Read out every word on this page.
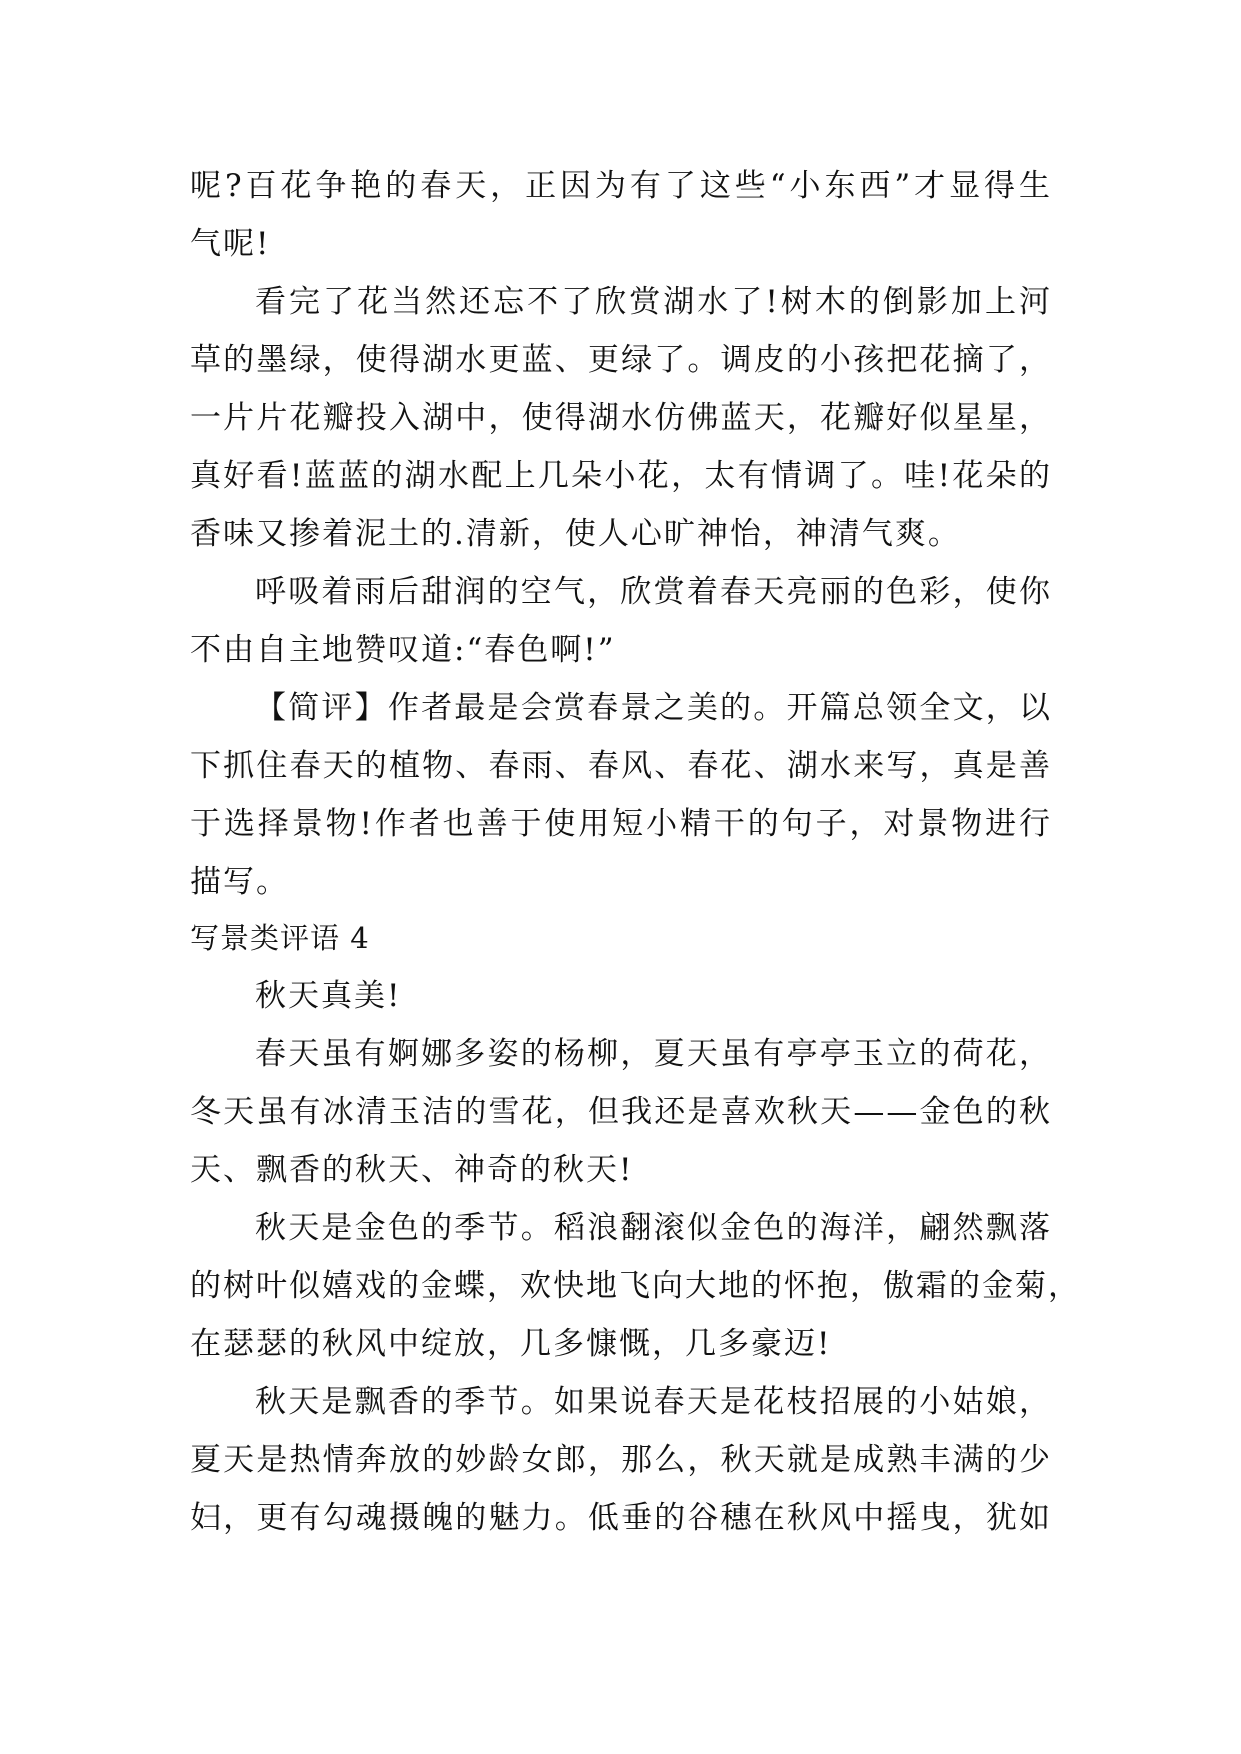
呢?百花争艳的春天，正因为有了这些“小东西”才显得生
气呢!
看完了花当然还忘不了欣赏湖水了!树木的倒影加上河
草的墨绿，使得湖水更蓝、更绿了。调皮的小孩把花摘了，
一片片花瓣投入湖中，使得湖水仿佛蓝天，花瓣好似星星，
真好看!蓝蓝的湖水配上几朵小花，太有情调了。哇!花朵的
香味又掺着泥土的.清新，使人心旷神怡，神清气爽。
呼吸着雨后甜润的空气，欣赏着春天亮丽的色彩，使你
不由自主地赞叹道:“春色啊!”
【简评】作者最是会赏春景之美的。开篇总领全文，以
下抓住春天的植物、春雨、春风、春花、湖水来写，真是善
于选择景物!作者也善于使用短小精干的句子，对景物进行
描写。
写景类评语 4
秋天真美!
春天虽有婀娜多姿的杨柳，夏天虽有亭亭玉立的荷花，
冬天虽有冰清玉洁的雪花，但我还是喜欢秋天——金色的秋
天、飘香的秋天、神奇的秋天!
秋天是金色的季节。稻浪翻滚似金色的海洋，翩然飘落
的树叶似嬉戏的金蝶，欢快地飞向大地的怀抱，傲霜的金菊，
在瑟瑟的秋风中绽放，几多慷慨，几多豪迈!
秋天是飘香的季节。如果说春天是花枝招展的小姑娘，
夏天是热情奔放的妙龄女郎，那么，秋天就是成熟丰满的少
妇，更有勾魂摄魄的魅力。低垂的谷穗在秋风中摇曳，犹如
